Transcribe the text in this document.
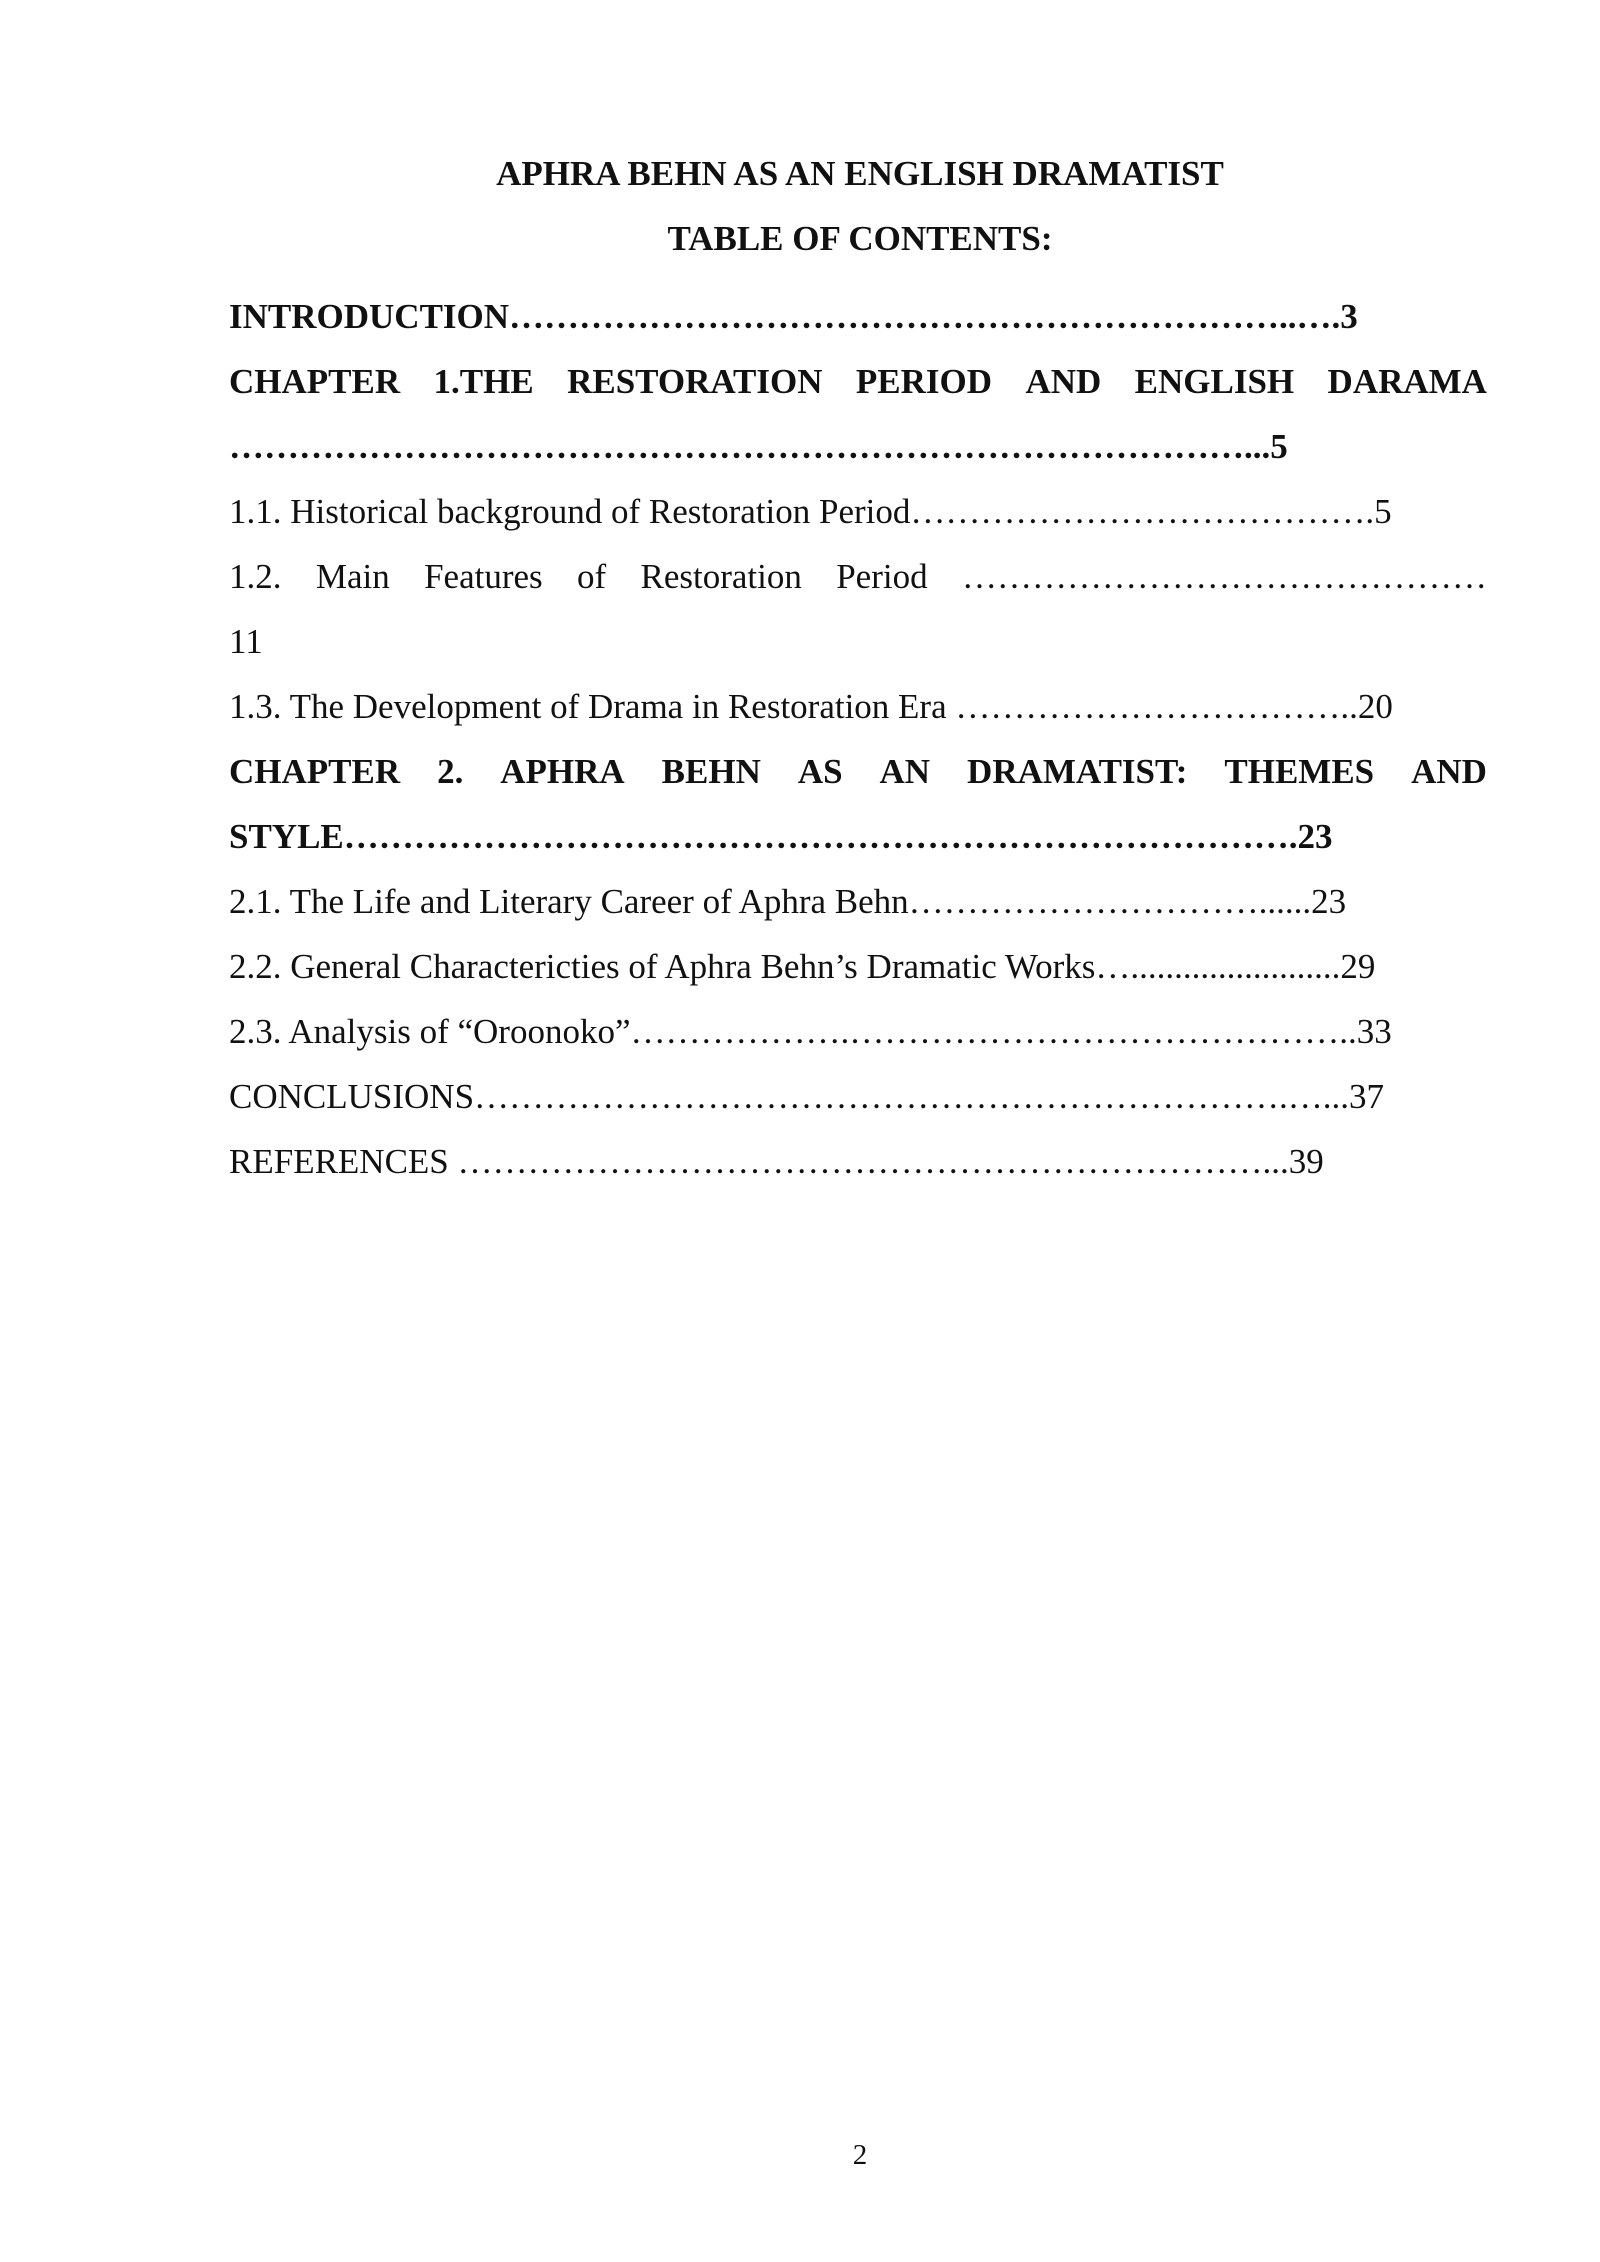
APHRA BEHN AS AN ENGLISH DRAMATIST
TABLE OF CONTENTS:
INTRODUCTION…………………………………………………………..….3
CHAPTER 1.THE RESTORATION PERIOD AND ENGLISH DARAMA
……………………………………………………………………………...5
1.1. Historical background of Restoration Period………………………………….5
1.2. Main Features of Restoration Period ………………………………………
11
1.3. The Development of Drama in Restoration Era ……………………………..20
CHAPTER 2. APHRA BEHN AS AN DRAMATIST: THEMES AND
STYLE……………………………………………………………………….23
2.1. The Life and Literary Career of Aphra Behn…………………………......23
2.2. General Charactericties of Aphra Behn’s Dramatic Works…........................29
2.3. Analysis of “Oroonoko”……………….……………………………………..33
CONCLUSIONS…………………………………………………………….…...37
REFERENCES ……………………………………………………………...39
2
